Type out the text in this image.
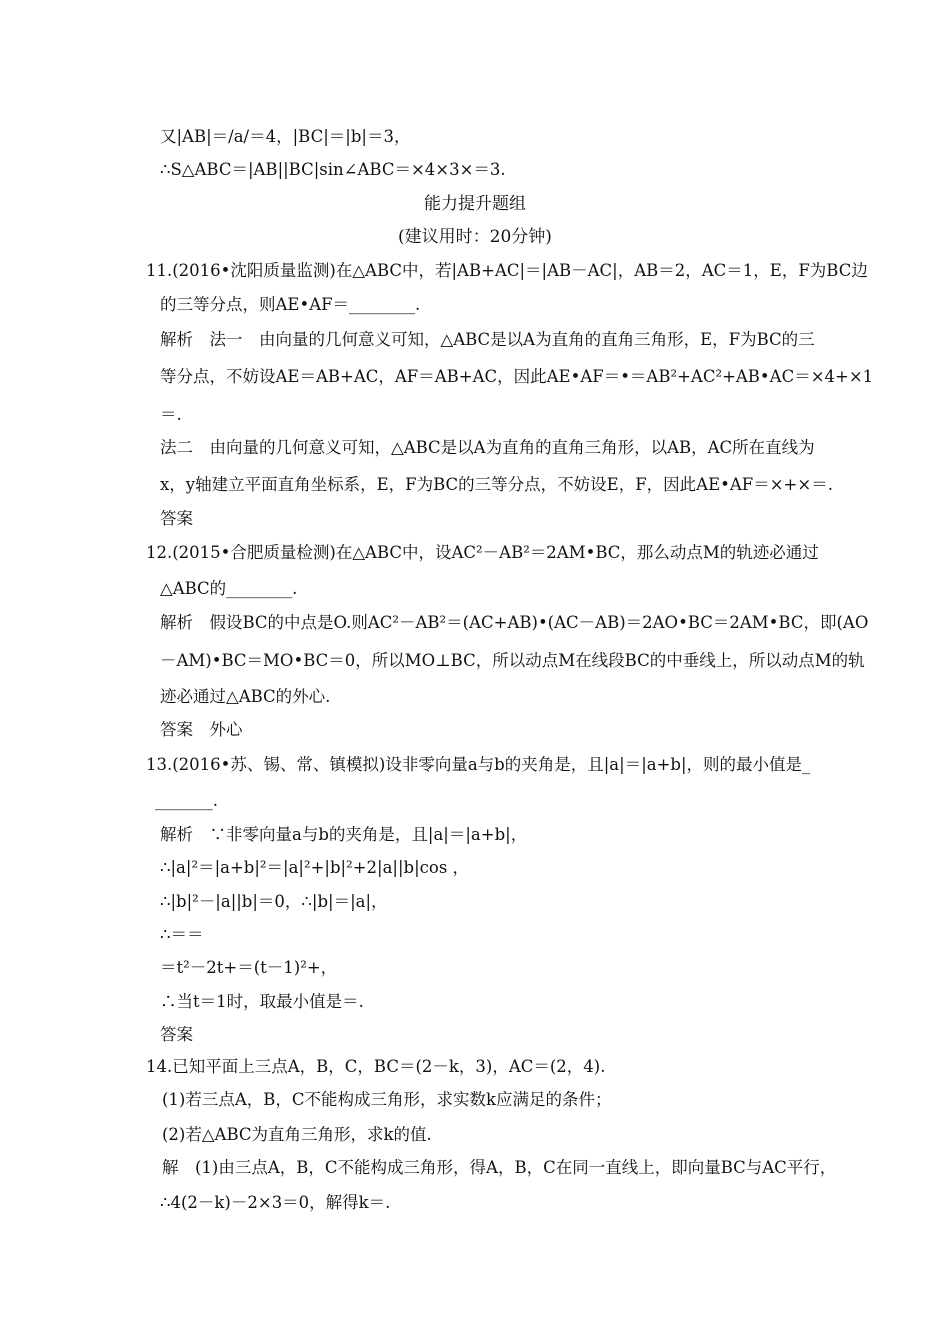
又|AB|＝/a/＝4，|BC|＝|b|＝3，
∴S△ABC＝|AB||BC|sin∠ABC＝×4×3×＝3.
能力提升题组
(建议用时：20分钟)
11.(2016•沈阳质量监测)在△ABC中，若|AB+AC|＝|AB－AC|，AB＝2，AC＝1，E，F为BC边
的三等分点，则AE•AF＝________.
解析　法一　由向量的几何意义可知，△ABC是以A为直角的直角三角形，E，F为BC的三
等分点，不妨设AE＝AB+AC，AF＝AB+AC，因此AE•AF＝•＝AB²+AC²+AB•AC＝×4+×1
＝.
法二　由向量的几何意义可知，△ABC是以A为直角的直角三角形，以AB，AC所在直线为
x，y轴建立平面直角坐标系，E，F为BC的三等分点，不妨设E，F，因此AE•AF＝×+×＝.
答案
12.(2015•合肥质量检测)在△ABC中，设AC²－AB²＝2AM•BC，那么动点M的轨迹必通过
△ABC的________.
解析　假设BC的中点是O.则AC²－AB²＝(AC+AB)•(AC－AB)＝2AO•BC＝2AM•BC，即(AO
－AM)•BC＝MO•BC＝0，所以MO⊥BC，所以动点M在线段BC的中垂线上，所以动点M的轨
迹必通过△ABC的外心.
答案　外心
13.(2016•苏、锡、常、镇模拟)设非零向量a与b的夹角是，且|a|＝|a+b|，则的最小值是_
_______.
解析　∵非零向量a与b的夹角是，且|a|＝|a+b|，
∴|a|²＝|a+b|²＝|a|²+|b|²+2|a||b|cos ，
∴|b|²－|a||b|＝0，∴|b|＝|a|，
∴＝＝
＝t²－2t+＝(t－1)²+，
∴当t＝1时，取最小值是＝.
答案
14.已知平面上三点A，B，C，BC＝(2－k，3)，AC＝(2，4).
(1)若三点A，B，C不能构成三角形，求实数k应满足的条件；
(2)若△ABC为直角三角形，求k的值.
解　(1)由三点A，B，C不能构成三角形，得A，B，C在同一直线上，即向量BC与AC平行，
∴4(2－k)－2×3＝0，解得k＝.
